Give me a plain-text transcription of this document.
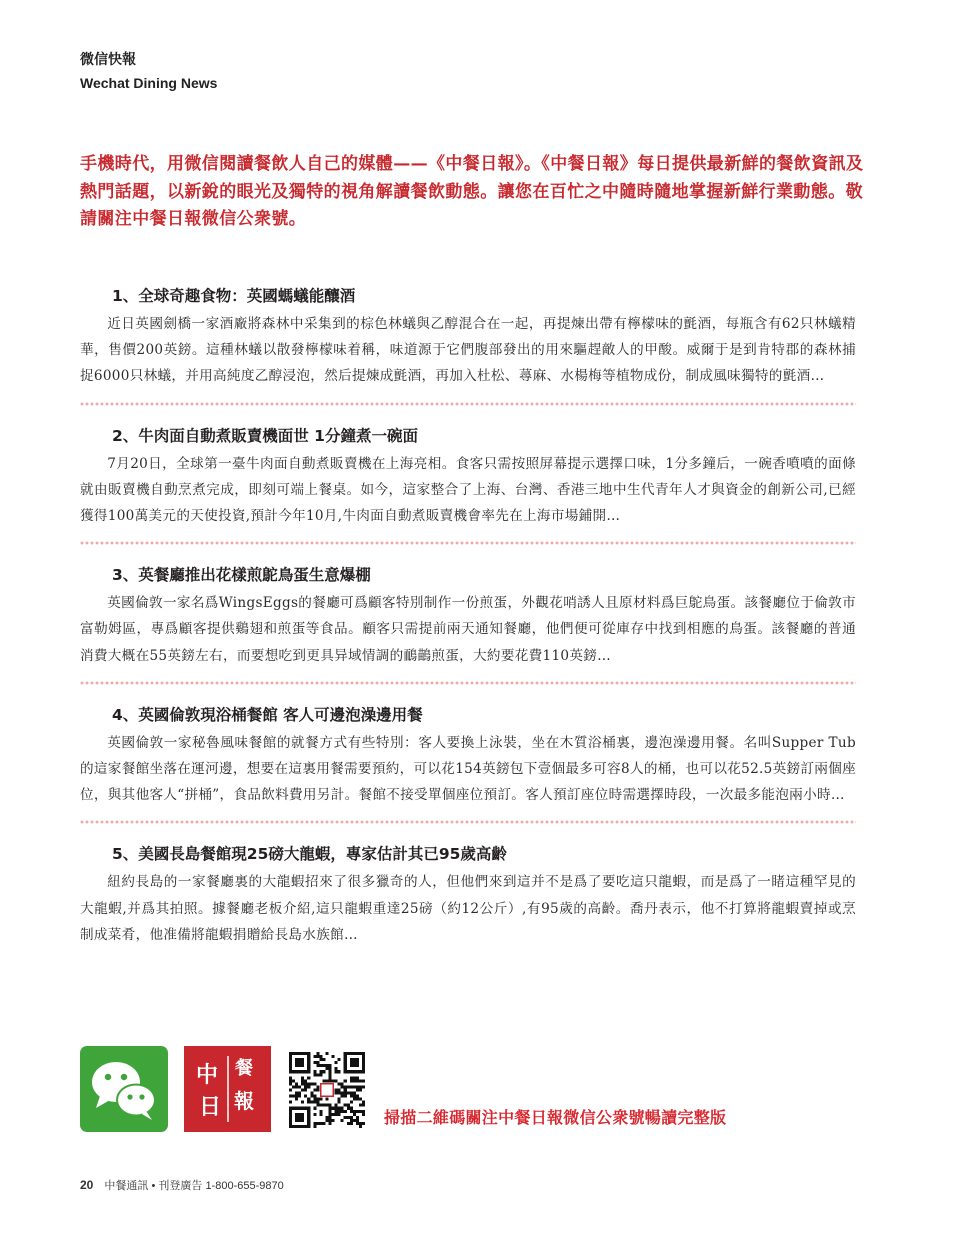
微信快報
Wechat Dining News
手機時代，用微信閱讀餐飲人自己的媒體——《中餐日報》。《中餐日報》每日提供最新鮮的餐飲資訊及熱門話題，以新銳的眼光及獨特的視角解讀餐飲動態。讓您在百忙之中隨時隨地掌握新鮮行業動態。敬請關注中餐日報微信公衆號。
1、全球奇趣食物：英國螞蟻能釀酒
近日英國劍橋一家酒廠將森林中采集到的棕色林蟻與乙醇混合在一起，再提煉出帶有檸檬味的氈酒，每瓶含有62只林蟻精華，售價200英鎊。這種林蟻以散發檸檬味着稱，味道源于它們腹部發出的用來驅趕敵人的甲酸。威爾于是到肯特郡的森林捕捉6000只林蟻，并用高純度乙醇浸泡，然后提煉成氈酒，再加入杜松、蕁麻、水楊梅等植物成份，制成風味獨特的氈酒…
2、牛肉面自動煮販賣機面世 1分鐘煮一碗面
7月20日，全球第一臺牛肉面自動煮販賣機在上海亮相。食客只需按照屏幕提示選擇口味，1分多鐘后，一碗香噴噴的面條就由販賣機自動烹煮完成，即刻可端上餐桌。如今，這家整合了上海、台灣、香港三地中生代青年人才與資金的創新公司,已經獲得100萬美元的天使投資,預計今年10月,牛肉面自動煮販賣機會率先在上海市場鋪開…
3、英餐廳推出花樣煎鴕鳥蛋生意爆棚
英國倫敦一家名爲WingsEggs的餐廳可爲顧客特別制作一份煎蛋，外觀花哨誘人且原材料爲巨鴕鳥蛋。該餐廳位于倫敦市富勒姆區，專爲顧客提供鷄翅和煎蛋等食品。顧客只需提前兩天通知餐廳，他們便可從庫存中找到相應的鳥蛋。該餐廳的普通消費大概在55英鎊左右，而要想吃到更具异域情調的鴯鶓煎蛋，大約要花費110英鎊…
4、英國倫敦現浴桶餐館 客人可邊泡澡邊用餐
英國倫敦一家秘魯風味餐館的就餐方式有些特別：客人要換上泳裝，坐在木質浴桶裏，邊泡澡邊用餐。名叫Supper Tub的這家餐館坐落在運河邊，想要在這裏用餐需要預約，可以花154英鎊包下壹個最多可容8人的桶，也可以花52.5英鎊訂兩個座位，與其他客人“拼桶”，食品飲料費用另計。餐館不接受單個座位預訂。客人預訂座位時需選擇時段，一次最多能泡兩小時…
5、美國長島餐館現25磅大龍蝦，專家估計其已95歲高齡
紐約長島的一家餐廳裏的大龍蝦招來了很多獵奇的人，但他們來到這并不是爲了要吃這只龍蝦，而是爲了一睹這種罕見的大龍蝦,并爲其拍照。據餐廳老板介紹,這只龍蝦重達25磅（約12公斤）,有95歲的高齡。喬丹表示，他不打算將龍蝦賣掉或烹制成菜肴，他准備將龍蝦捐贈給長島水族館…
中 餐
日 報
掃描二維碼關注中餐日報微信公衆號暢讀完整版
20 中餐通訊 • 刊登廣告 1-800-655-9870
